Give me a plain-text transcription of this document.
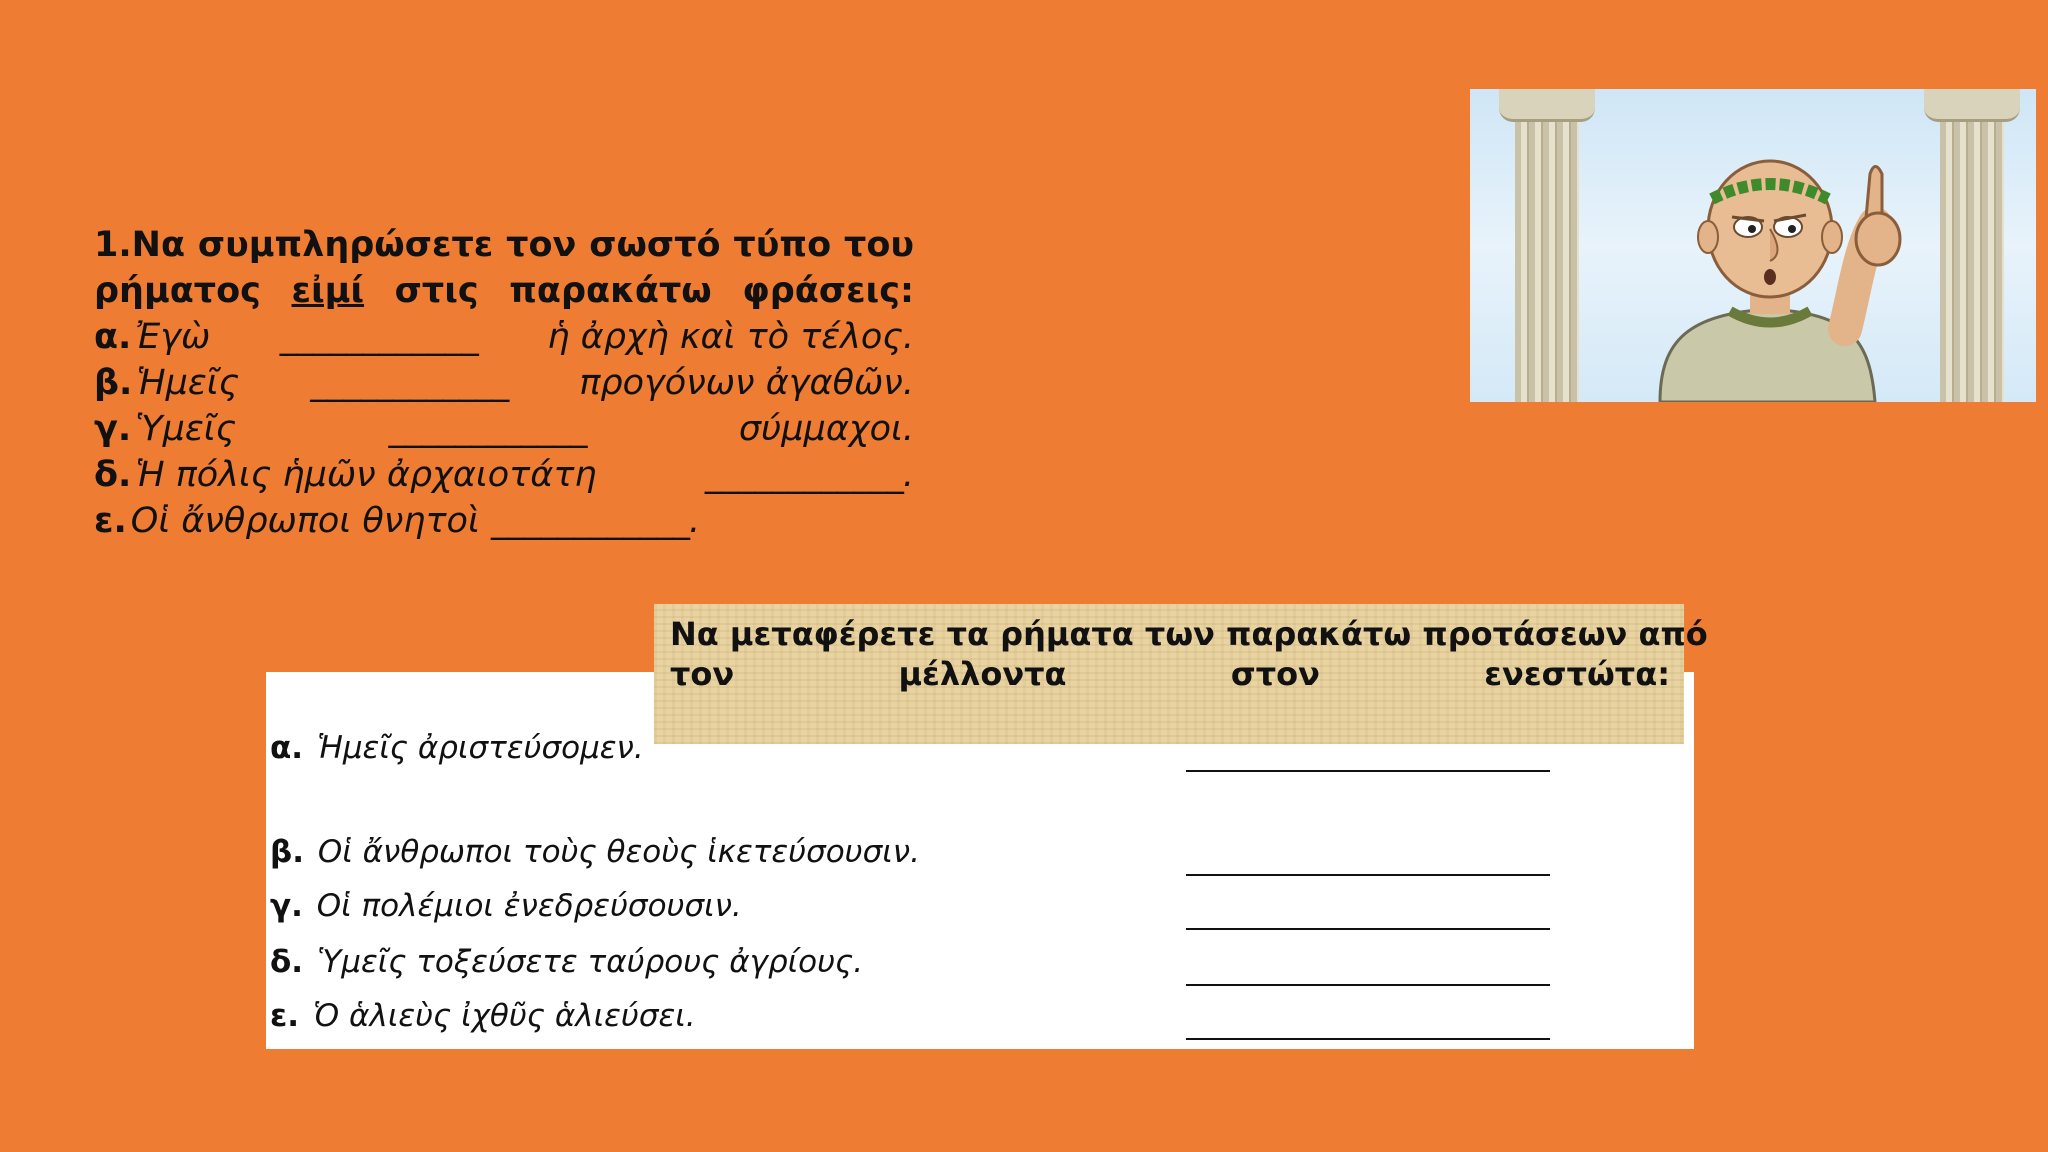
1.Να συμπληρώσετε τον σωστό τύπο του
ρήματος εἰμί στις παρακάτω φράσεις:
α. Ἐγὼ ____________ ἡ ἀρχὴ καὶ τὸ τέλος.
β. Ἡμεῖς ____________ προγόνων ἀγαθῶν.
γ. Ὑμεῖς	____________	σύμμαχοι.
δ. Ἡ πόλις ἡμῶν ἀρχαιοτάτη	____________.
ε. Οἱ ἄνθρωποι θνητοὶ ____________.
Να μεταφέρετε τα ρήματα των παρακάτω προτάσεων από
τον	μέλλοντα	στον	ενεστώτα:
α. Ἡμεῖς ἀριστεύσομεν.
β. Οἱ ἄνθρωποι τοὺς θεοὺς ἱκετεύσουσιν.
γ. Οἱ πολέμιοι ἐνεδρεύσουσιν.
δ. Ὑμεῖς τοξεύσετε ταύρους ἀγρίους.
ε. Ὁ ἁλιεὺς ἰχθῦς ἁλιεύσει.
